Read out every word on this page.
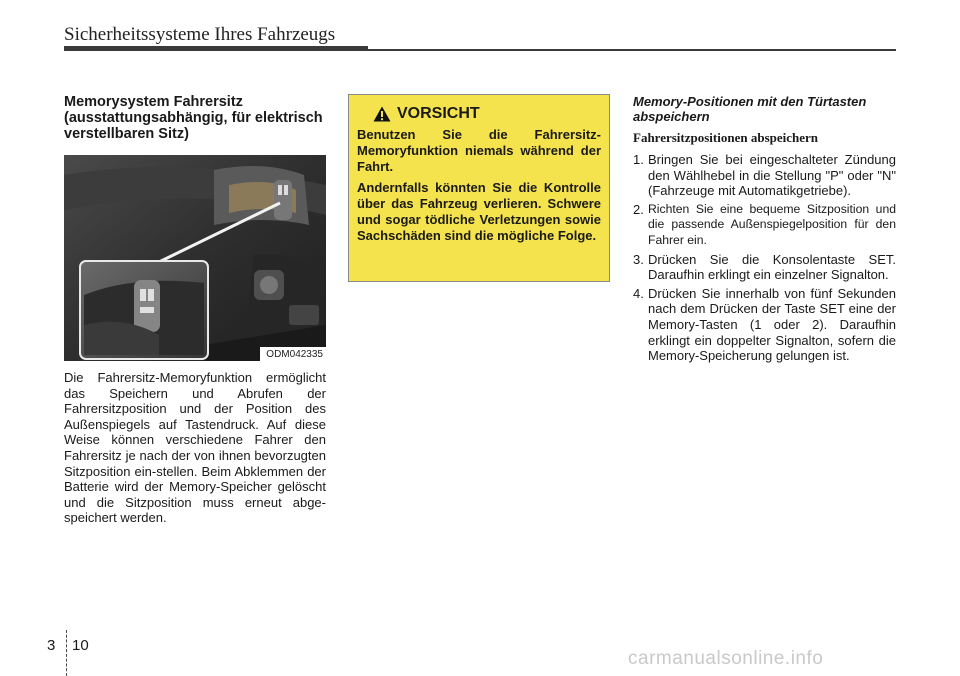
Sicherheitssysteme Ihres Fahrzeugs
Memorysystem Fahrersitz (ausstattungsabhängig, für elektrisch verstellbaren Sitz)
ODM042335
Die Fahrersitz-Memoryfunktion ermöglicht das Speichern und Abrufen der Fahrersitzposition und der Position des Außenspiegels auf Tastendruck. Auf diese Weise können verschiedene Fahrer den Fahrersitz je nach der von ihnen bevorzugten Sitzposition ein-stellen. Beim Abklemmen der Batterie wird der Memory-Speicher gelöscht und die Sitzposition muss erneut abge-speichert werden.
VORSICHT

Benutzen Sie die Fahrersitz-Memoryfunktion niemals während der Fahrt.

Andernfalls könnten Sie die Kontrolle über das Fahrzeug verlieren. Schwere und sogar tödliche Verletzungen sowie Sachschäden sind die mögliche Folge.

Memory-Positionen mit den Türtasten abspeichern
Fahrersitzpositionen abspeichern
1. Bringen Sie bei eingeschalteter Zündung den Wählhebel in die Stellung "P" oder "N" (Fahrzeuge mit Automatikgetriebe).
2. Richten Sie eine bequeme Sitzposition und die passende Außenspiegelposition für den Fahrer ein.
3. Drücken Sie die Konsolentaste SET. Daraufhin erklingt ein einzelner Signalton.
4. Drücken Sie innerhalb von fünf Sekunden nach dem Drücken der Taste SET eine der Memory-Tasten (1 oder 2). Daraufhin erklingt ein doppelter Signalton, sofern die Memory-Speicherung gelungen ist.
3 10
carmanualsonline.info
